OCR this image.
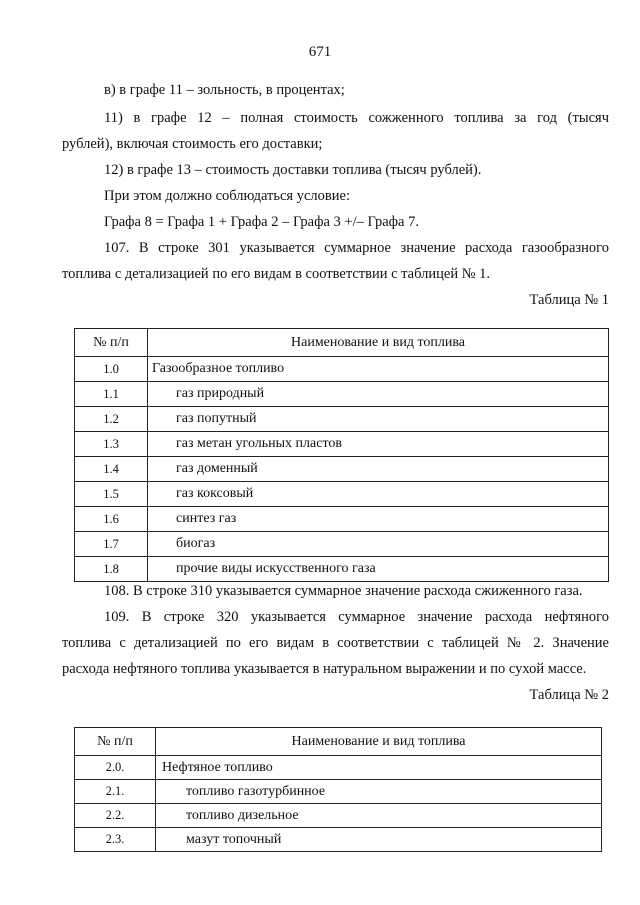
671
в) в графе 11 – зольность, в процентах;
11) в графе 12 – полная стоимость сожженного топлива за год (тысяч
рублей), включая стоимость его доставки;
12) в графе 13 – стоимость доставки топлива (тысяч рублей).
При этом должно соблюдаться условие:
Графа 8 = Графа 1 + Графа 2 – Графа 3 +/– Графа 7.
107. В строке 301 указывается суммарное значение расхода газообразного
топлива с детализацией по его видам в соответствии с таблицей № 1.
Таблица № 1
№ п/п	Наименование и вид топлива
1.0	Газообразное топливо
1.1	газ природный
1.2	газ попутный
1.3	газ метан угольных пластов
1.4	газ доменный
1.5	газ коксовый
1.6	синтез газ
1.7	биогаз
1.8	прочие виды искусственного газа
108. В строке 310 указывается суммарное значение расхода сжиженного газа.
109. В строке 320 указывается суммарное значение расхода нефтяного
топлива с детализацией по его видам в соответствии с таблицей № 2. Значение
расхода нефтяного топлива указывается в натуральном выражении и по сухой массе.
Таблица № 2
№ п/п	Наименование и вид топлива
2.0.	Нефтяное топливо
2.1.	топливо газотурбинное
2.2.	топливо дизельное
2.3.	мазут топочный
